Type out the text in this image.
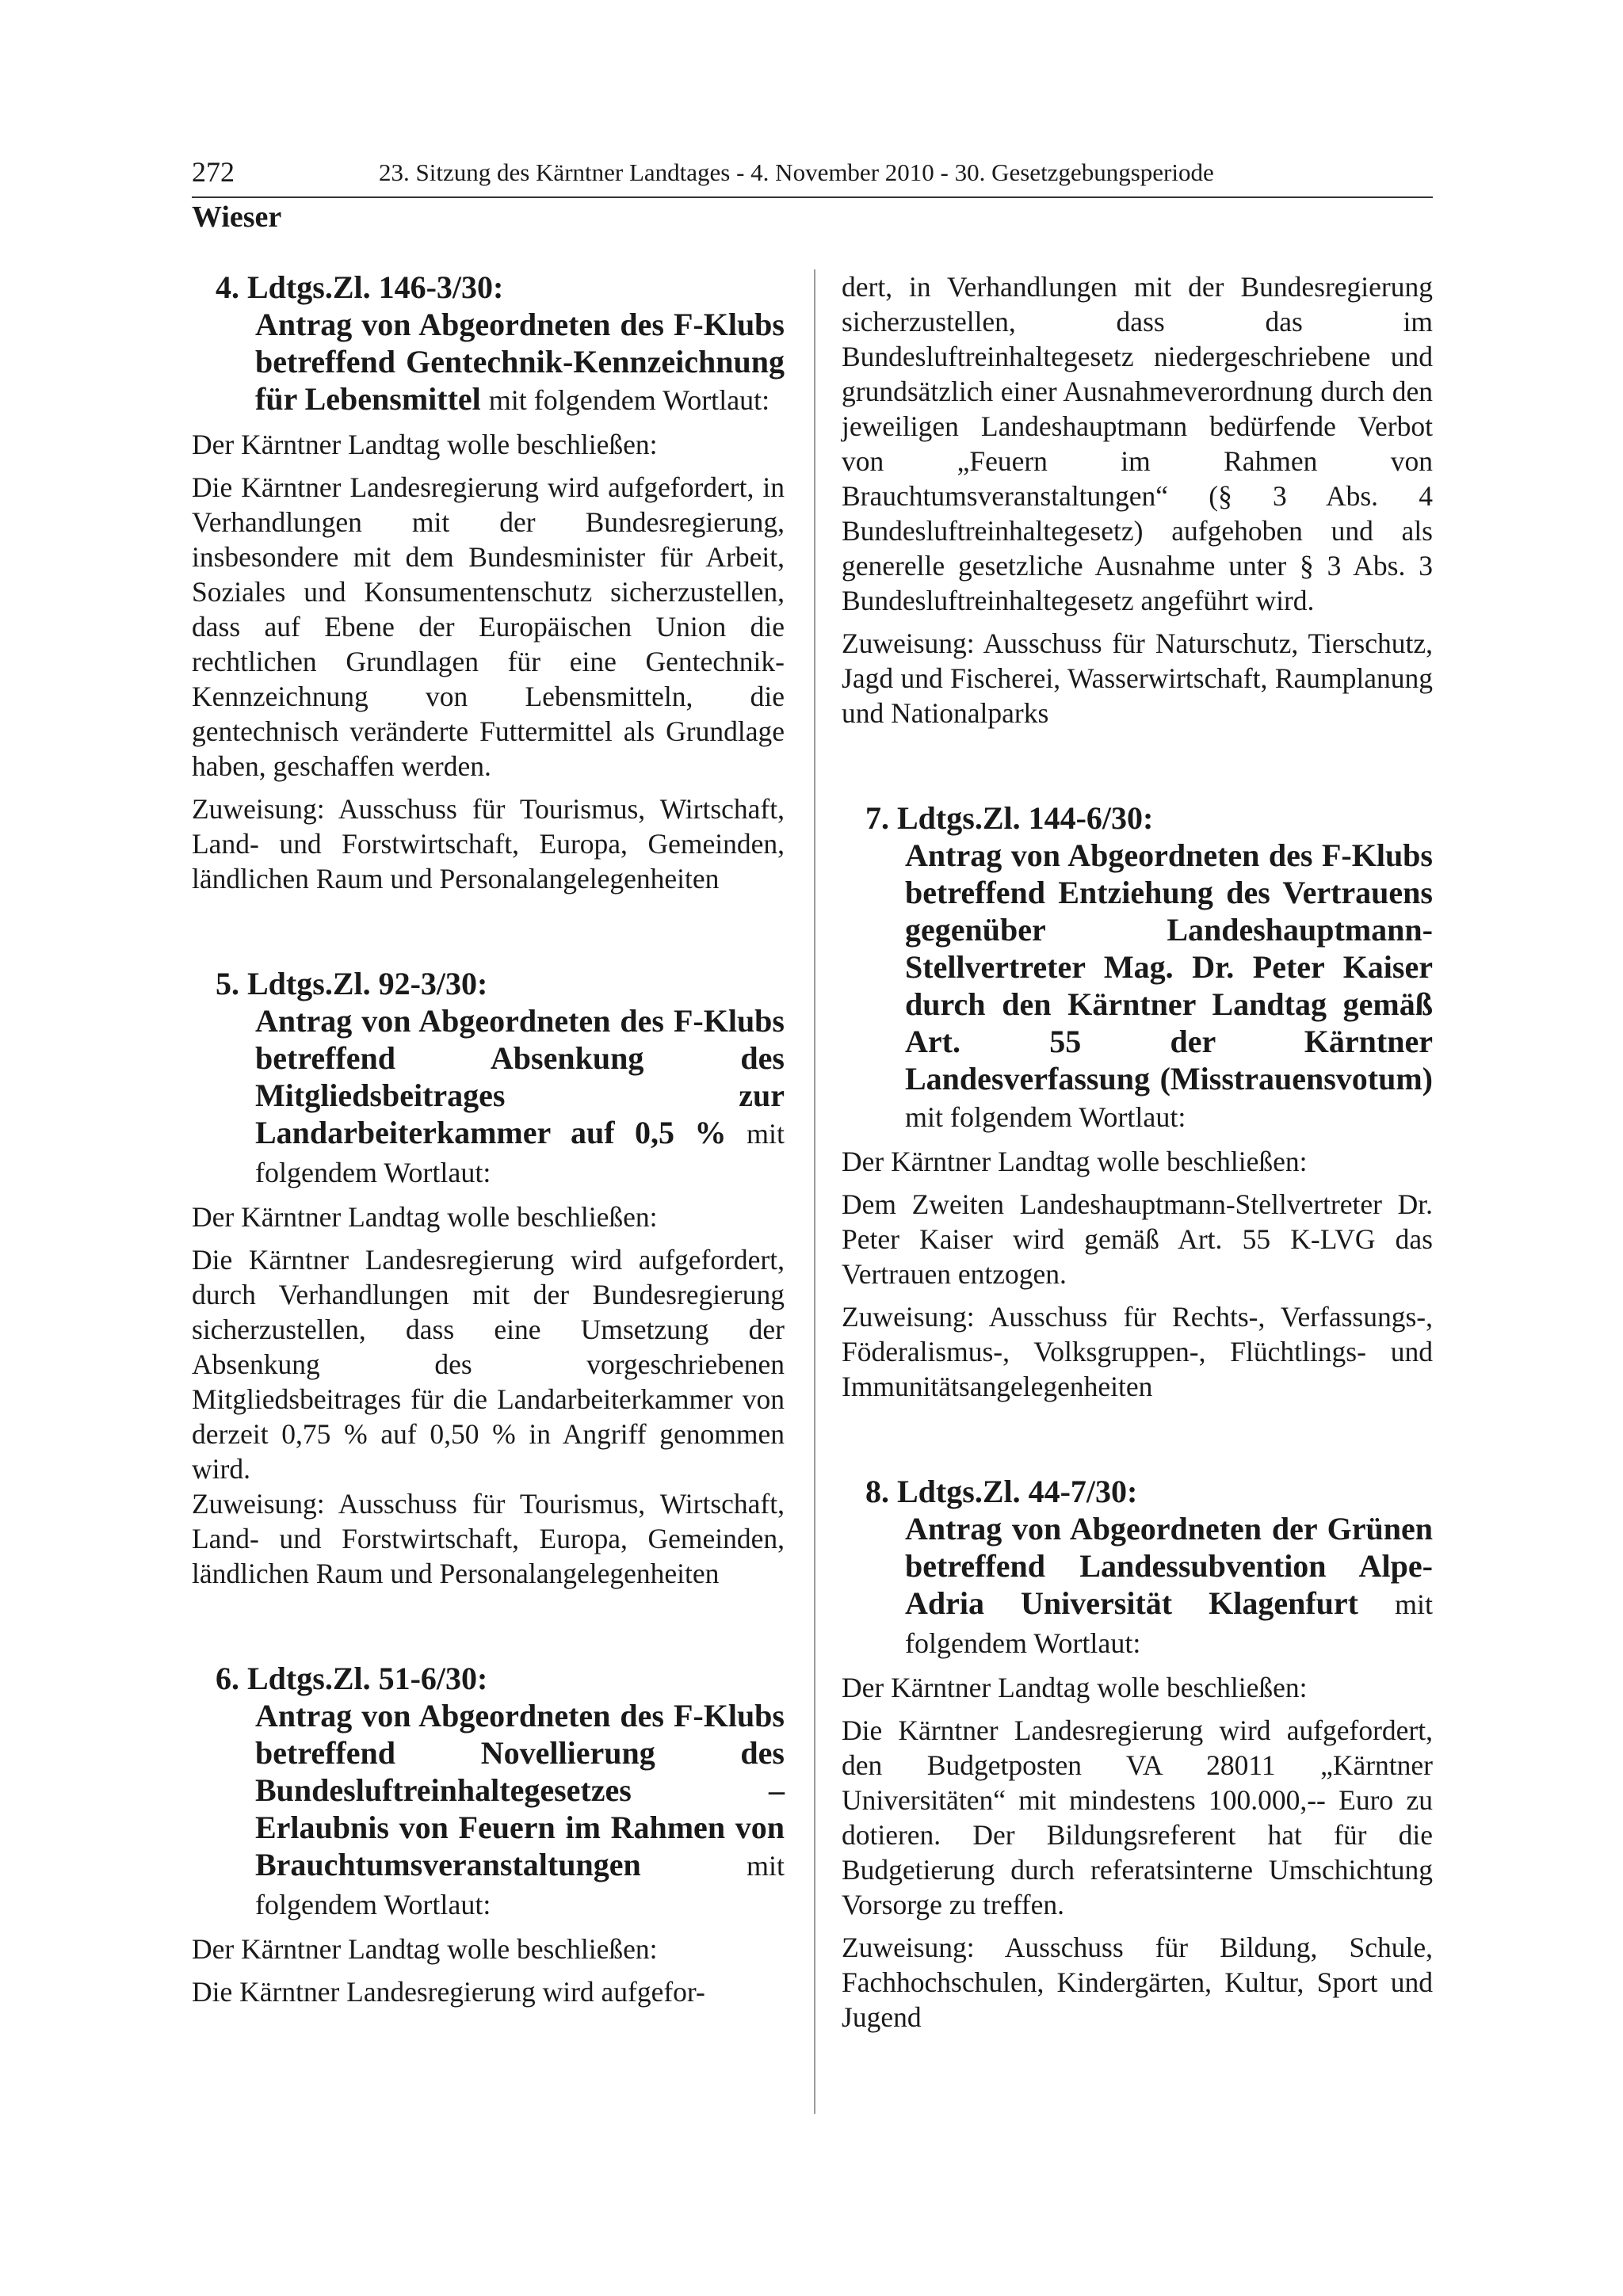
272	23. Sitzung des Kärntner Landtages - 4. November 2010 - 30. Gesetzgebungsperiode
Wieser
4. Ldtgs.Zl. 146-3/30:
Antrag von Abgeordneten des F-Klubs betreffend Gentechnik-Kennzeichnung für Lebensmittel mit folgendem Wortlaut:

Der Kärntner Landtag wolle beschließen:

Die Kärntner Landesregierung wird aufgefordert, in Verhandlungen mit der Bundesregierung, insbesondere mit dem Bundesminister für Arbeit, Soziales und Konsumentenschutz sicherzustellen, dass auf Ebene der Europäischen Union die rechtlichen Grundlagen für eine Gentechnik-Kennzeichnung von Lebensmitteln, die gentechnisch veränderte Futtermittel als Grundlage haben, geschaffen werden.

Zuweisung: Ausschuss für Tourismus, Wirtschaft, Land- und Forstwirtschaft, Europa, Gemeinden, ländlichen Raum und Personalangelegenheiten

5. Ldtgs.Zl. 92-3/30:
Antrag von Abgeordneten des F-Klubs betreffend Absenkung des Mitgliedsbeitrages zur Landarbeiterkammer auf 0,5 % mit folgendem Wortlaut:

Der Kärntner Landtag wolle beschließen:

Die Kärntner Landesregierung wird aufgefordert, durch Verhandlungen mit der Bundesregierung sicherzustellen, dass eine Umsetzung der Absenkung des vorgeschriebenen Mitgliedsbeitrages für die Landarbeiterkammer von derzeit 0,75 % auf 0,50 % in Angriff genommen wird.

Zuweisung: Ausschuss für Tourismus, Wirtschaft, Land- und Forstwirtschaft, Europa, Gemeinden, ländlichen Raum und Personalangelegenheiten

6. Ldtgs.Zl. 51-6/30:
Antrag von Abgeordneten des F-Klubs betreffend Novellierung des Bundesluftreinhaltegesetzes – Erlaubnis von Feuern im Rahmen von Brauchtumsveranstaltungen	mit folgendem Wortlaut:

Der Kärntner Landtag wolle beschließen:

Die Kärntner Landesregierung wird aufgefor-

dert, in Verhandlungen mit der Bundesregierung sicherzustellen, dass das im Bundesluftreinhaltegesetz niedergeschriebene und grundsätzlich einer Ausnahmeverordnung durch den jeweiligen Landeshauptmann bedürfende Verbot von „Feuern im Rahmen von Brauchtumsveranstaltungen“ (§ 3 Abs. 4 Bundesluftreinhaltegesetz) aufgehoben und als generelle gesetzliche Ausnahme unter § 3 Abs. 3 Bundesluftreinhaltegesetz angeführt wird.

Zuweisung: Ausschuss für Naturschutz, Tierschutz, Jagd und Fischerei, Wasserwirtschaft, Raumplanung und Nationalparks

7. Ldtgs.Zl. 144-6/30:
Antrag von Abgeordneten des F-Klubs betreffend Entziehung des Vertrauens gegenüber Landeshauptmann-Stellvertreter Mag. Dr. Peter Kaiser durch den Kärntner Landtag gemäß Art. 55 der Kärntner Landesverfassung (Misstrauensvotum) mit folgendem Wortlaut:

Der Kärntner Landtag wolle beschließen:

Dem Zweiten Landeshauptmann-Stellvertreter Dr. Peter Kaiser wird gemäß Art. 55 K-LVG das Vertrauen entzogen.

Zuweisung: Ausschuss für Rechts-, Verfassungs-, Föderalismus-, Volksgruppen-, Flüchtlings- und Immunitätsangelegenheiten

8. Ldtgs.Zl. 44-7/30:
Antrag von Abgeordneten der Grünen betreffend Landessubvention Alpe-Adria Universität Klagenfurt mit folgendem Wortlaut:

Der Kärntner Landtag wolle beschließen:

Die Kärntner Landesregierung wird aufgefordert, den Budgetposten VA 28011 „Kärntner Universitäten“ mit mindestens 100.000,-- Euro zu dotieren. Der Bildungsreferent hat für die Budgetierung durch referatsinterne Umschichtung Vorsorge zu treffen.

Zuweisung: Ausschuss für Bildung, Schule, Fachhochschulen, Kindergärten, Kultur, Sport und Jugend
